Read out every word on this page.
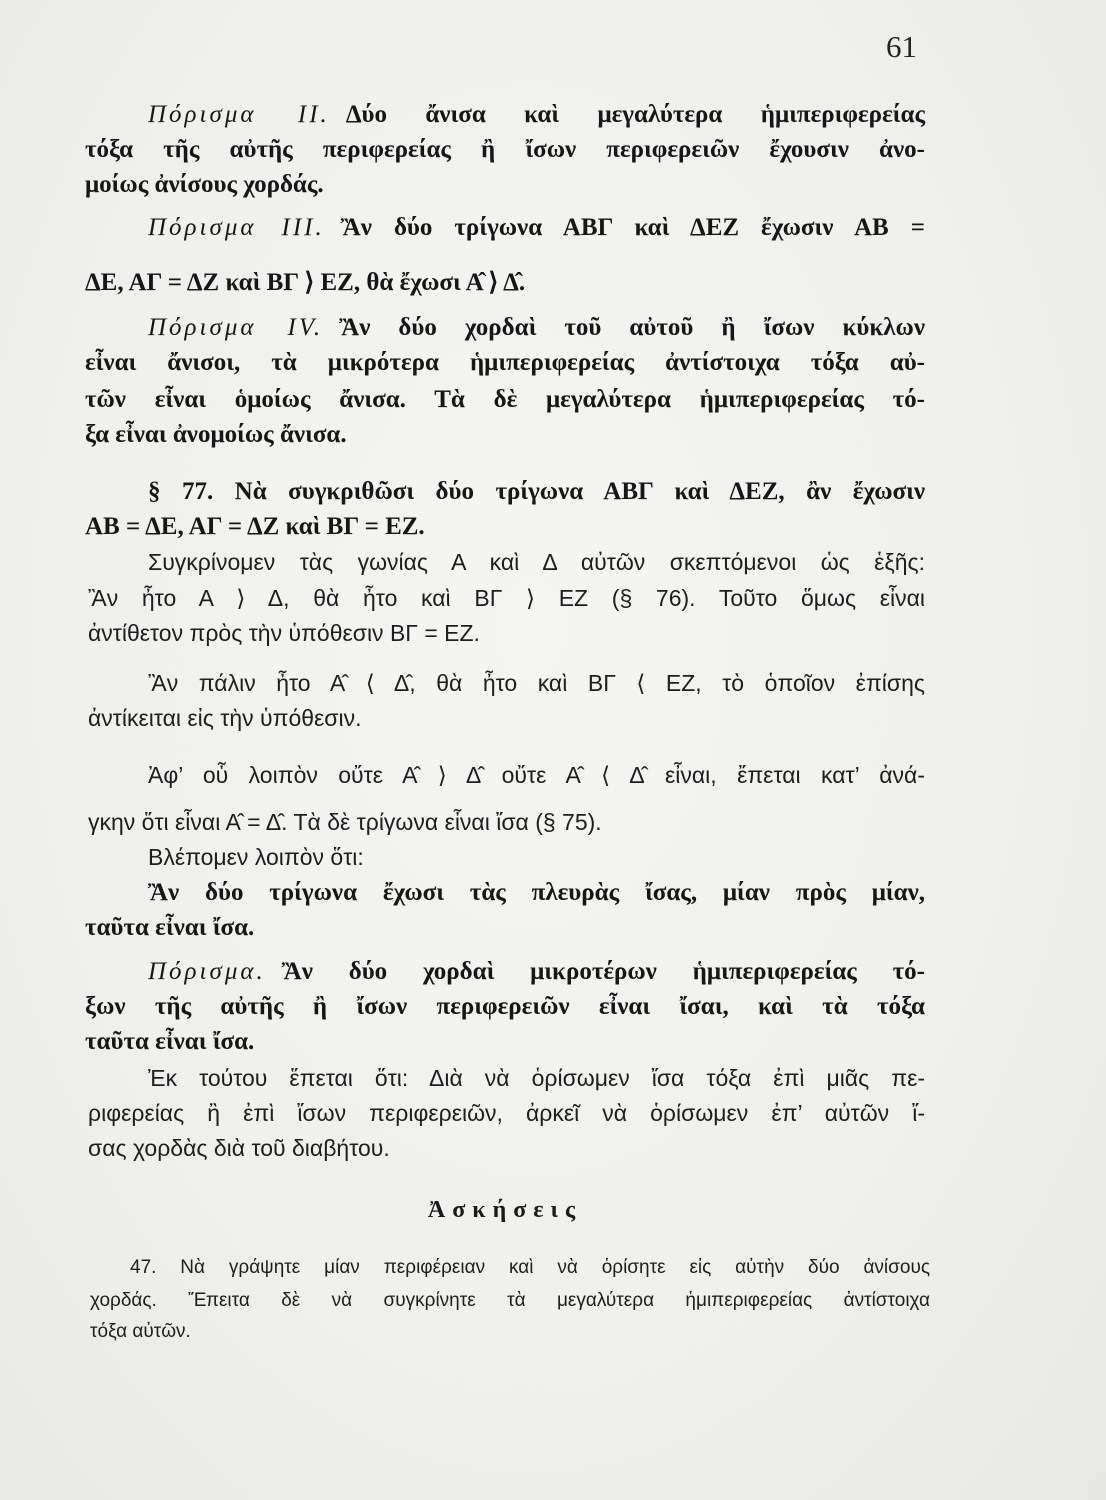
61
Πόρισμα ΙΙ. Δύο ἄνισα καὶ μεγαλύτερα ἡμιπεριφερείας
τόξα τῆς αὐτῆς περιφερείας ἢ ἴσων περιφερειῶν ἔχουσιν ἀνο-
μοίως ἀνίσους χορδάς.
Πόρισμα ΙΙΙ. Ἂν δύο τρίγωνα ΑΒΓ καὶ ΔΕΖ ἔχωσιν ΑΒ =
ΔΕ, ΑΓ = ΔΖ καὶ ΒΓ ⟩ ΕΖ, θὰ ἔχωσι Α̂ ⟩ Δ̂.
Πόρισμα IV. Ἂν δύο χορδαὶ τοῦ αὐτοῦ ἢ ἴσων κύκλων
εἶναι ἄνισοι, τὰ μικρότερα ἡμιπεριφερείας ἀντίστοιχα τόξα αὐ-
τῶν εἶναι ὁμοίως ἄνισα. Τὰ δὲ μεγαλύτερα ἡμιπεριφερείας τό-
ξα εἶναι ἀνομοίως ἄνισα.
§ 77. Νὰ συγκριθῶσι δύο τρίγωνα ΑΒΓ καὶ ΔΕΖ, ἂν ἔχωσιν
ΑΒ = ΔΕ, ΑΓ = ΔΖ καὶ ΒΓ = ΕΖ.
Συγκρίνομεν τὰς γωνίας Α καὶ Δ αὐτῶν σκεπτόμενοι ὡς ἑξῆς:
Ἂν ἦτο Α ⟩ Δ, θὰ ἦτο καὶ ΒΓ ⟩ ΕΖ (§ 76). Τοῦτο ὅμως εἶναι
ἀντίθετον πρὸς τὴν ὑπόθεσιν ΒΓ = ΕΖ.
Ἂν πάλιν ἦτο Α̂ ⟨ Δ̂, θὰ ἦτο καὶ ΒΓ ⟨ ΕΖ, τὸ ὁποῖον ἐπίσης
ἀντίκειται εἰς τὴν ὑπόθεσιν.
Ἀφ’ οὗ λοιπὸν οὔτε Α̂ ⟩ Δ̂ οὔτε Α̂ ⟨ Δ̂ εἶναι, ἔπεται κατ’ ἀνά-
γκην ὅτι εἶναι Α̂ = Δ̂. Τὰ δὲ τρίγωνα εἶναι ἴσα (§ 75).
Βλέπομεν λοιπὸν ὅτι:
Ἂν δύο τρίγωνα ἔχωσι τὰς πλευρὰς ἴσας, μίαν πρὸς μίαν,
ταῦτα εἶναι ἴσα.
Πόρισμα. Ἂν δύο χορδαὶ μικροτέρων ἡμιπεριφερείας τό-
ξων τῆς αὐτῆς ἢ ἴσων περιφερειῶν εἶναι ἴσαι, καὶ τὰ τόξα
ταῦτα εἶναι ἴσα.
Ἐκ τούτου ἕπεται ὅτι: Διὰ νὰ ὁρίσωμεν ἴσα τόξα ἐπὶ μιᾶς πε-
ριφερείας ἢ ἐπὶ ἴσων περιφερειῶν, ἀρκεῖ νὰ ὁρίσωμεν ἐπ’ αὐτῶν ἴ-
σας χορδὰς διὰ τοῦ διαβήτου.
Ἀσκήσεις
47. Νὰ γράψητε μίαν περιφέρειαν καὶ νὰ ὁρίσητε εἰς αὐτὴν δύο ἀνίσους
χορδάς. Ἔπειτα δὲ νὰ συγκρίνητε τὰ μεγαλύτερα ἡμιπεριφερείας ἀντίστοιχα
τόξα αὐτῶν.
